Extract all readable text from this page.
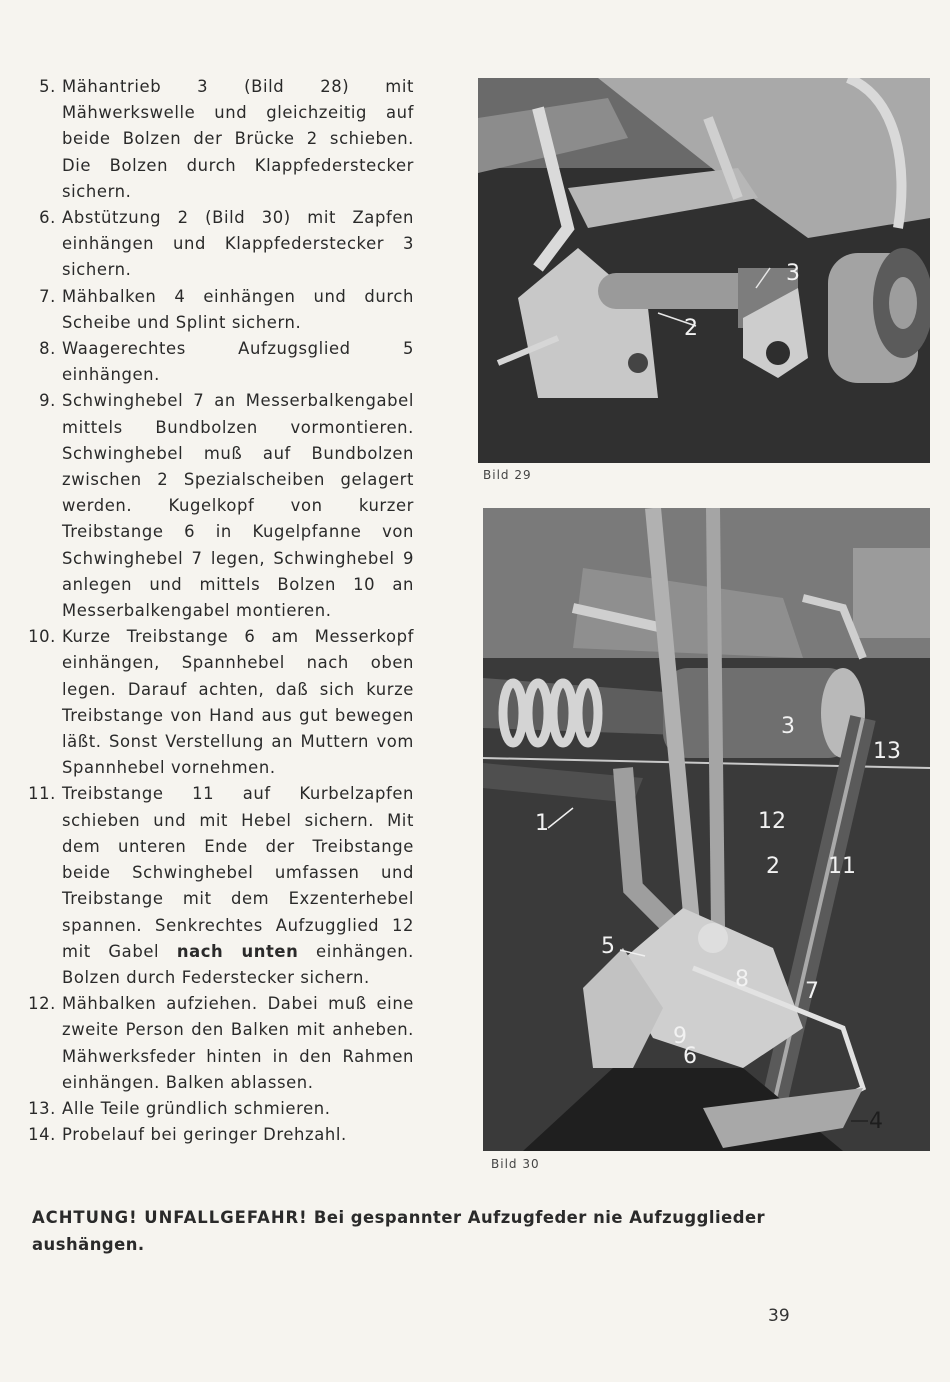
5. Mähantrieb 3 (Bild 28) mit Mähwerkswelle und gleichzeitig auf beide Bolzen der Brücke 2 schieben. Die Bolzen durch Klappfederstecker sichern.
6. Abstützung 2 (Bild 30) mit Zapfen einhängen und Klappfederstecker 3 sichern.
7. Mähbalken 4 einhängen und durch Scheibe und Splint sichern.
8. Waagerechtes Aufzugsglied 5 einhängen.
9. Schwinghebel 7 an Messerbalkengabel mittels Bundbolzen vormontieren. Schwinghebel muß auf Bundbolzen zwischen 2 Spezialscheiben gelagert werden. Kugelkopf von kurzer Treibstange 6 in Kugelpfanne von Schwinghebel 7 legen, Schwinghebel 9 anlegen und mittels Bolzen 10 an Messerbalkengabel montieren.
10. Kurze Treibstange 6 am Messerkopf einhängen, Spannhebel nach oben legen. Darauf achten, daß sich kurze Treibstange von Hand aus gut bewegen läßt. Sonst Verstellung an Muttern vom Spannhebel vornehmen.
11. Treibstange 11 auf Kurbelzapfen schieben und mit Hebel sichern. Mit dem unteren Ende der Treibstange beide Schwinghebel umfassen und Treibstange mit dem Exzenterhebel spannen. Senkrechtes Aufzugglied 12 mit Gabel nach unten einhängen. Bolzen durch Federstecker sichern.
12. Mähbalken aufziehen. Dabei muß eine zweite Person den Balken mit anheben. Mähwerksfeder hinten in den Rahmen einhängen. Balken ablassen.
13. Alle Teile gründlich schmieren.
14. Probelauf bei geringer Drehzahl.
2
3
Bild 29
1
2
3
4
5
6
7
8
9
11
12
13
Bild 30
ACHTUNG! UNFALLGEFAHR! Bei gespannter Aufzugfeder nie Aufzugglieder aushängen.
39
